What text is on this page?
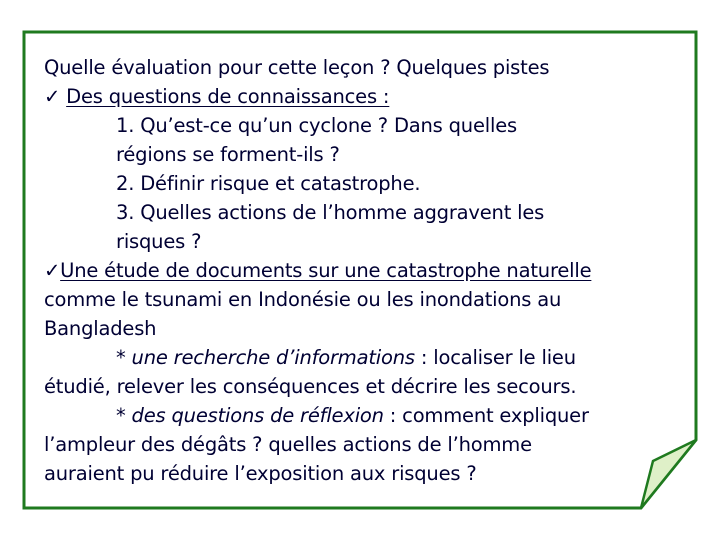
Quelle évaluation pour cette leçon ? Quelques pistes
✓ Des questions de connaissances :
1. Qu’est-ce qu’un cyclone ? Dans quelles
régions se forment-ils ?
2. Définir risque et catastrophe.
3. Quelles actions de l’homme aggravent les
risques ?
✓Une étude de documents sur une catastrophe naturelle
comme le tsunami en Indonésie ou les inondations au
Bangladesh
* une recherche d’informations : localiser le lieu
étudié, relever les conséquences et décrire les secours.
* des questions de réflexion : comment expliquer
l’ampleur des dégâts ? quelles actions de l’homme
auraient pu réduire l’exposition aux risques ?
